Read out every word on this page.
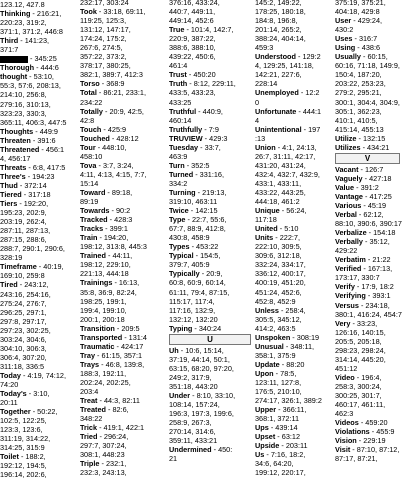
123.12, 427.8

Thinking - 216:21,

220:23, 319:2,

371:1, 371:2, 446:8

Third - 141:23,

371:7

- 345:25

Thorough - 444:6

thought - 53:10,

55:3, 57:6, 208:13,

214:10, 256:8,

279:16, 310:13,

323:23, 330:3,

365:11, 406:3, 447:5

Thoughts - 449:9

Threaten - 391:6

Threatened - 456:1

4, 456:17

Threats - 6:8, 417:5

Three's - 194:23

Thud - 372:14

Tiered - 317:18

Tiers - 192:20,

195:23, 202:9,

203:19, 262:4,

287:11, 287:13,

287:15, 288:6,

288:7, 290:1, 290:6,

328:19

Timeframe - 40:19,

169:10, 259:8

Tired - 243:12,

243:16, 254:16,

275:24, 276:7,

296:25, 297:1,

297:8, 297:17,

297:23, 302:25,

303:24, 304:6,

304:10, 306:3,

306:4, 307:20,

311:18, 336:5

Today - 4:19, 74:12,

74:20

Today's - 3:10,

20:11

Together - 50:22,

102:5, 122:25,

123:3, 123:6,

311:19, 314:22,

314:25, 315:9

Toilet - 188:2,

192:12, 194:5,

196:14, 202:6,

232:17, 303:24

Took - 33:18, 69:11,

119:25, 125:3,

131:12, 147:17,

174:24, 175:2,

267:6, 274:5,

357:22, 373:2,

378:17, 380:25,

382:1, 389:7, 412:3

Torso - 368:9

Total - 86:21, 233:1,

234:22

Totally - 20:9, 42:5,

42:8

Touch - 425:9

Touched - 428:12

Tour - 448:10,

458:10

Tova - 3:7, 3:24,

4:11, 4:13, 4:15, 7:7,

15:14

Toward - 89:18,

89:19

Towards - 90:2

Tracked - 428:3

Tracks - 399:1

Train - 194:20,

198:12, 313:8, 445:3

Trained - 44:11,

198:12, 229:10,

221:13, 444:18

Trainings - 16:13,

35:8, 36:9, 82:24,

198:25, 199:1,

199:4, 199:10,

200:1, 200:18

Transition - 209:5

Transported - 131:4

Traumatic - 424:17

Tray - 61:15, 357:1

Trays - 46:8, 139:8,

188:3, 192:11,

202:24, 202:25,

203:4

Treat - 44:3, 82:11

Treated - 82:6,

348:22

Trick - 419:1, 422:1

Tried - 296:24,

297:7, 307:24,

308:1, 448:23

Triple - 232:1,

232:3, 243:13,

376:16, 433:24,

440:7, 449:11,

449:14, 452:6

True - 101:4, 142:7,

220:9, 387:22,

388:6, 388:10,

439:22, 450:6,

461:4

Trust - 450:20

Truth - 8:12, 229:11,

433:5, 433:23,

433:25

Truthful - 440:9,

460:14

Truthfully - 7:9

TRUVIEW - 429:3

Tuesday - 33:7,

463:9

Turn - 352:5

Turned - 331:16,

334:2

Turning - 219:13,

319:10, 463:11

Twice - 142:15

Type - 22:7, 55:6,

67:7, 88:9, 412:8,

430:8, 458:9

Types - 453:22

Typical - 154:5,

379:7, 405:9

Typically - 20:9,

60:8, 60:9, 60:14,

61:11, 79:4, 87:15,

115:17, 117:4,

117:16, 132:9,

132:12, 132:20

Typing - 340:24

U

Uh - 10:6, 15:14,

37:19, 44:14, 50:1,

63:15, 68:20, 97:20,

249:2, 317:9,

351:18, 443:20

Under - 8:10, 33:10,

108:14, 157:24,

196:3, 197:3, 199:6,

258:9, 267:3,

270:14, 314:6,

359:11, 433:21

Undermined - 450:

21

145:2, 149:22,

178:25, 180:18,

184:8, 196:8,

201:14, 265:2,

388:24, 404:14,

459:3

Understood - 129:2

4, 129:25, 141:18,

142:21, 227:6,

228:14

Unemployed - 12:2

0

Unfortunate - 444:1

4

Unintentional - 197

:13

Union - 4:1, 24:13,

26:7, 31:11, 42:17,

431:20, 431:24,

432:4, 432:7, 432:9,

433:1, 433:11,

433:22, 443:25,

444:18, 461:2

Unique - 56:24,

117:18

United - 5:10

Units - 222:7,

222:10, 309:5,

309:6, 312:18,

332:24, 334:17,

336:12, 400:17,

400:19, 451:20,

451:24, 452:6,

452:8, 452:9

Unless - 258:4,

305:5, 345:12,

414:2, 463:5

Unspoken - 308:19

Unusual - 348:11,

358:1, 375:9

Update - 88:20

Upon - 78:5,

123:11, 127:8,

176:5, 210:10,

274:17, 326:1, 389:2

Upper - 366:11,

368:1, 372:11

Ups - 439:14

Upset - 63:12

Upside - 203:11

Us - 7:16, 18:2,

34:6, 64:20,

199:12, 220:17,

375:19, 375:21,

404:18, 429:8

User - 429:24,

430:2

Uses - 316:7

Using - 438:6

Usually - 60:15,

60:16, 71:18, 149:9,

150:4, 187:20,

203:22, 253:23,

279:2, 295:21,

300:1, 304:4, 304:9,

305:1, 362:23,

410:1, 410:5,

415:14, 455:13

Utilize - 132:15

Utilizes - 434:21

V

Vacant - 126:7

Vaguely - 427:18

Value - 391:2

Vantage - 417:25

Various - 45:19

Verbal - 62:12,

88:10, 390:6, 390:17

Verbalize - 154:18

Verbally - 35:12,

429:22

Verbatim - 21:22

Verified - 167:13,

173:17, 330:7

Verify - 17:9, 18:2

Verifying - 393:1

Versus - 234:18,

380:1, 416:24, 454:7

Very - 33:23,

126:16, 140:15,

205:5, 205:18,

298:23, 298:24,

314:14, 445:20,

451:12

Video - 196:4,

258:3, 300:24,

300:25, 301:7,

460:17, 461:11,

462:3

Videos - 459:20

Violations - 455:9

Vision - 229:19

Visit - 87:10, 87:12,

87:17, 87:21,
